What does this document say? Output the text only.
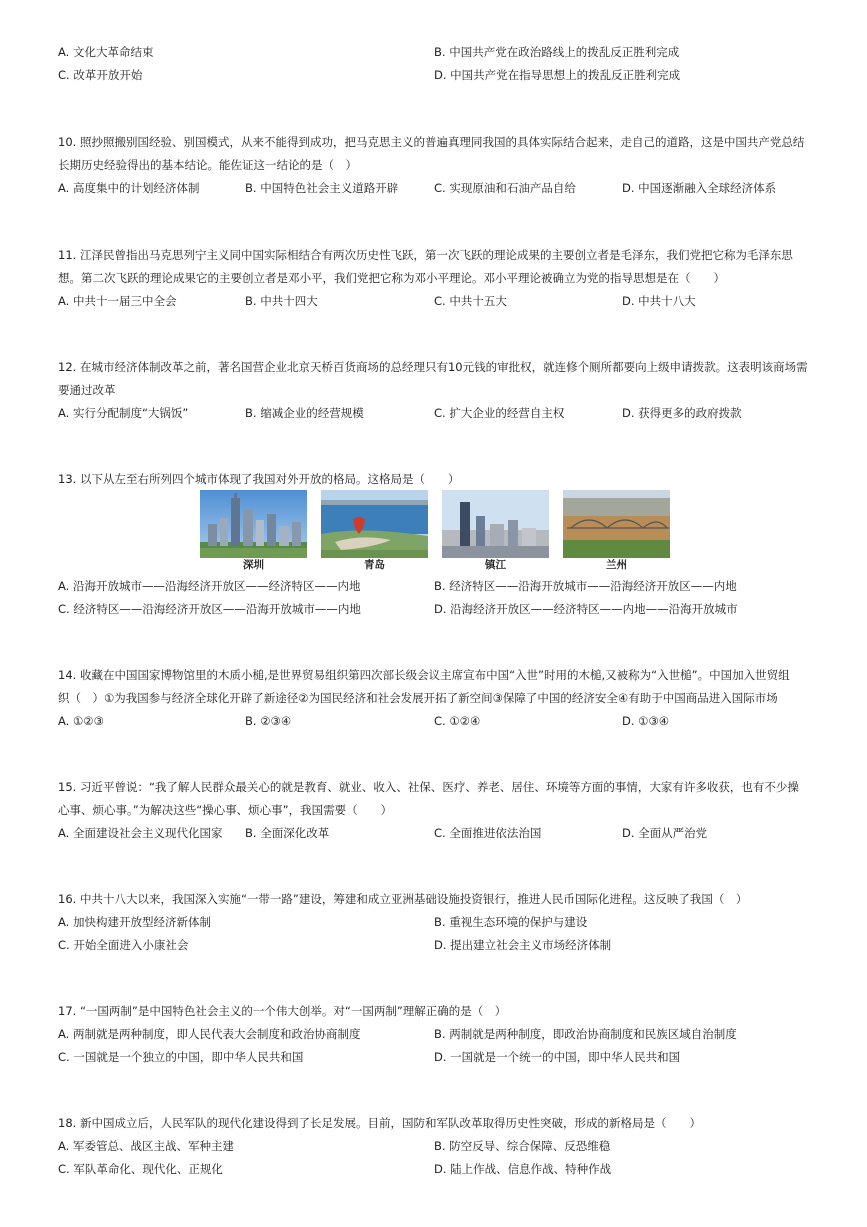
A. 文化大革命结束	B. 中国共产党在政治路线上的拨乱反正胜利完成
C. 改革开放开始	D. 中国共产党在指导思想上的拨乱反正胜利完成

10. 照抄照搬别国经验、别国模式，从来不能得到成功，把马克思主义的普遍真理同我国的具体实际结合起来，走自己的道路，这是中国共产党总结
长期历史经验得出的基本结论。能佐证这一结论的是（　）

A. 高度集中的计划经济体制	B. 中国特色社会主义道路开辟	C. 实现原油和石油产品自给	D. 中国逐渐融入全球经济体系

11. 江泽民曾指出马克思列宁主义同中国实际相结合有两次历史性飞跃，第一次飞跃的理论成果的主要创立者是毛泽东，我们党把它称为毛泽东思
想。第二次飞跃的理论成果它的主要创立者是邓小平，我们党把它称为邓小平理论。邓小平理论被确立为党的指导思想是在（　　）

A. 中共十一届三中全会	B. 中共十四大	C. 中共十五大	D. 中共十八大

12. 在城市经济体制改革之前，著名国营企业北京天桥百货商场的总经理只有10元钱的审批权，就连修个厕所都要向上级申请拨款。这表明该商场需
要通过改革

A. 实行分配制度“大锅饭”	B. 缩减企业的经营规模	C. 扩大企业的经营自主权	D. 获得更多的政府拨款

13. 以下从左至右所列四个城市体现了我国对外开放的格局。这格局是（　　）

深圳	青岛	镇江	兰州
A. 沿海开放城市——沿海经济开放区——经济特区——内地	B. 经济特区——沿海开放城市——沿海经济开放区——内地
C. 经济特区——沿海经济开放区——沿海开放城市——内地	D. 沿海经济开放区——经济特区——内地——沿海开放城市

14. 收藏在中国国家博物馆里的木质小槌,是世界贸易组织第四次部长级会议主席宣布中国“入世”时用的木槌,又被称为“入世槌”。中国加入世贸组
织（　）①为我国参与经济全球化开辟了新途径②为国民经济和社会发展开拓了新空间③保障了中国的经济安全④有助于中国商品进入国际市场

A. ①②③	B. ②③④	C. ①②④	D. ①③④

15. 习近平曾说：“我了解人民群众最关心的就是教育、就业、收入、社保、医疗、养老、居住、环境等方面的事情，大家有许多收获，也有不少操
心事、烦心事。”为解决这些“操心事、烦心事”，我国需要（　　）

A. 全面建设社会主义现代化国家 B. 全面深化改革	C. 全面推进依法治国	D. 全面从严治党

16. 中共十八大以来，我国深入实施“一带一路”建设，筹建和成立亚洲基础设施投资银行，推进人民币国际化进程。这反映了我国（　）

A. 加快构建开放型经济新体制	B. 重视生态环境的保护与建设
C. 开始全面进入小康社会	D. 提出建立社会主义市场经济体制

17. “一国两制”是中国特色社会主义的一个伟大创举。对“一国两制”理解正确的是（　）

A. 两制就是两种制度，即人民代表大会制度和政治协商制度	B. 两制就是两种制度，即政治协商制度和民族区域自治制度
C. 一国就是一个独立的中国，即中华人民共和国	D. 一国就是一个统一的中国，即中华人民共和国

18. 新中国成立后，人民军队的现代化建设得到了长足发展。目前，国防和军队改革取得历史性突破，形成的新格局是（　　）

A. 军委管总、战区主战、军种主建	B. 防空反导、综合保障、反恐维稳
C. 军队革命化、现代化、正规化	D. 陆上作战、信息作战、特种作战
